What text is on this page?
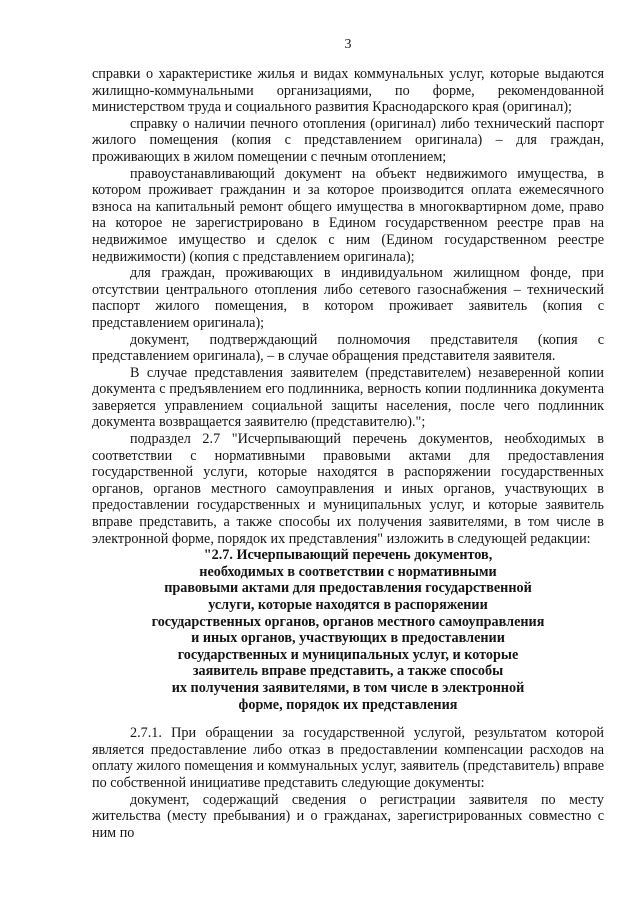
3

справки о характеристике жилья и видах коммунальных услуг, которые выдаются жилищно-коммунальными организациями, по форме, рекомендованной министерством труда и социального развития Краснодарского края (оригинал);

справку о наличии печного отопления (оригинал) либо технический паспорт жилого помещения (копия с представлением оригинала) – для граждан, проживающих в жилом помещении с печным отоплением;

правоустанавливающий документ на объект недвижимого имущества, в котором проживает гражданин и за которое производится оплата ежемесячного взноса на капитальный ремонт общего имущества в многоквартирном доме, право на которое не зарегистрировано в Едином государственном реестре прав на недвижимое имущество и сделок с ним (Едином государственном реестре недвижимости) (копия с представлением оригинала);

для граждан, проживающих в индивидуальном жилищном фонде, при отсутствии центрального отопления либо сетевого газоснабжения – технический паспорт жилого помещения, в котором проживает заявитель (копия с представлением оригинала);

документ, подтверждающий полномочия представителя (копия с представлением оригинала), – в случае обращения представителя заявителя.

В случае представления заявителем (представителем) незаверенной копии документа с предъявлением его подлинника, верность копии подлинника документа заверяется управлением социальной защиты населения, после чего подлинник документа возвращается заявителю (представителю).";

подраздел 2.7 "Исчерпывающий перечень документов, необходимых в соответствии с нормативными правовыми актами для предоставления государственной услуги, которые находятся в распоряжении государственных органов, органов местного самоуправления и иных органов, участвующих в предоставлении государственных и муниципальных услуг, и которые заявитель вправе представить, а также способы их получения заявителями, в том числе в электронной форме, порядок их представления" изложить в следующей редакции:

"2.7. Исчерпывающий перечень документов,

необходимых в соответствии с нормативными

правовыми актами для предоставления государственной

услуги, которые находятся в распоряжении

государственных органов, органов местного самоуправления

и иных органов, участвующих в предоставлении

государственных и муниципальных услуг, и которые

заявитель вправе представить, а также способы

их получения заявителями, в том числе в электронной

форме, порядок их представления

2.7.1. При обращении за государственной услугой, результатом которой является предоставление либо отказ в предоставлении компенсации расходов на оплату жилого помещения и коммунальных услуг, заявитель (представитель) вправе по собственной инициативе представить следующие документы:

документ, содержащий сведения о регистрации заявителя по месту жительства (месту пребывания) и о гражданах, зарегистрированных совместно с ним по
